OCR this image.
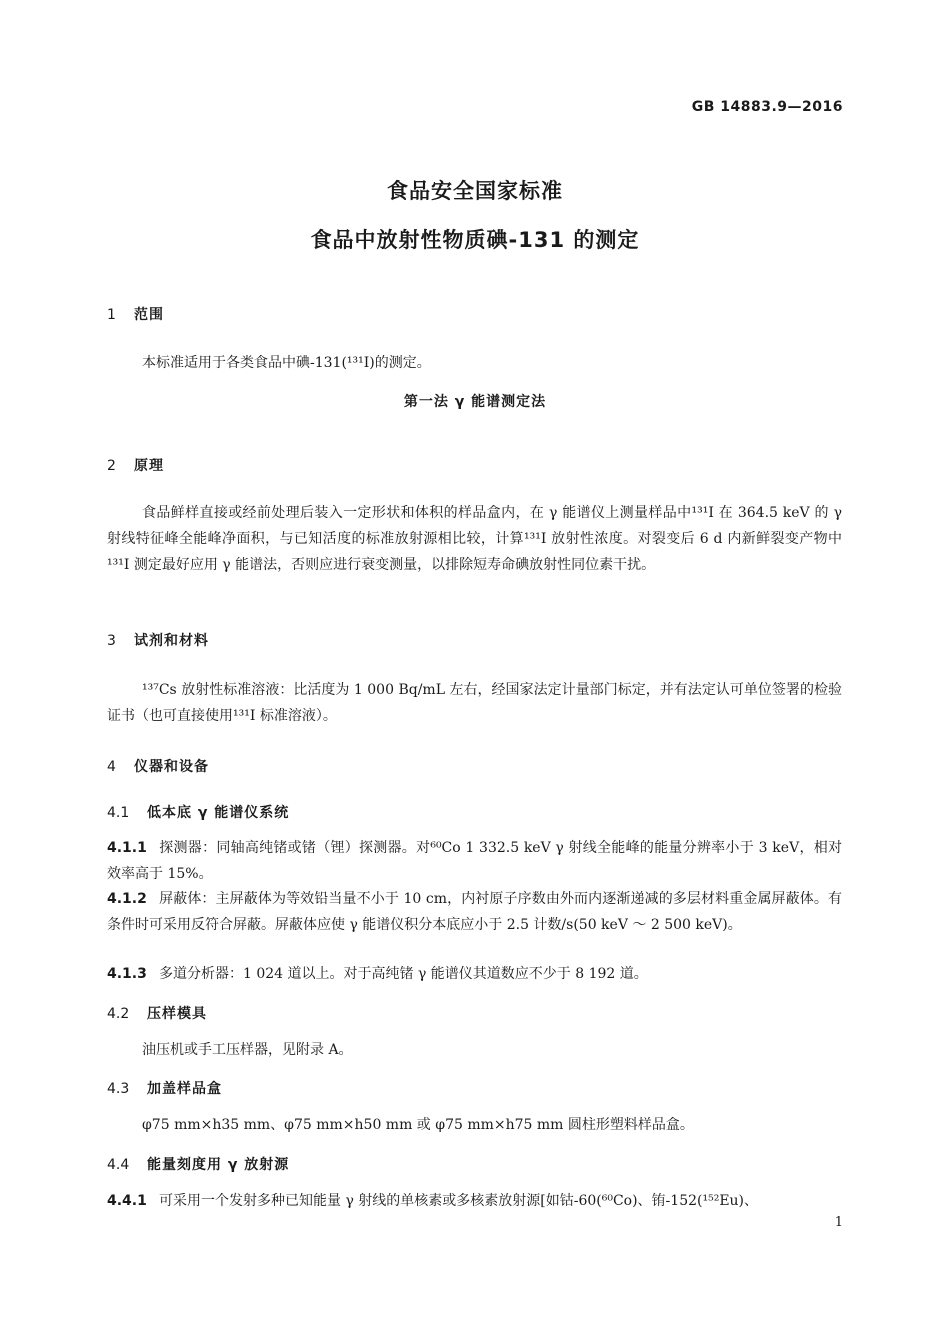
GB 14883.9—2016
食品安全国家标准
食品中放射性物质碘-131 的测定
1 范围
本标准适用于各类食品中碘-131(¹³¹I)的测定。
第一法 γ 能谱测定法
2 原理
食品鲜样直接或经前处理后装入一定形状和体积的样品盒内，在 γ 能谱仪上测量样品中¹³¹I 在 364.5 keV 的 γ 射线特征峰全能峰净面积，与已知活度的标准放射源相比较，计算¹³¹I 放射性浓度。对裂变后 6 d 内新鲜裂变产物中¹³¹I 测定最好应用 γ 能谱法，否则应进行衰变测量，以排除短寿命碘放射性同位素干扰。
3 试剂和材料
¹³⁷Cs 放射性标准溶液：比活度为 1 000 Bq/mL 左右，经国家法定计量部门标定，并有法定认可单位签署的检验证书（也可直接使用¹³¹I 标准溶液）。
4 仪器和设备
4.1 低本底 γ 能谱仪系统
4.1.1 探测器：同轴高纯锗或锗（锂）探测器。对⁶⁰Co 1 332.5 keV γ 射线全能峰的能量分辨率小于 3 keV，相对效率高于 15%。
4.1.2 屏蔽体：主屏蔽体为等效铅当量不小于 10 cm，内衬原子序数由外而内逐渐递减的多层材料重金属屏蔽体。有条件时可采用反符合屏蔽。屏蔽体应使 γ 能谱仪积分本底应小于 2.5 计数/s(50 keV ～ 2 500 keV)。
4.1.3 多道分析器：1 024 道以上。对于高纯锗 γ 能谱仪其道数应不少于 8 192 道。
4.2 压样模具
油压机或手工压样器，见附录 A。
4.3 加盖样品盒
φ75 mm×h35 mm、φ75 mm×h50 mm 或 φ75 mm×h75 mm 圆柱形塑料样品盒。
4.4 能量刻度用 γ 放射源
4.4.1 可采用一个发射多种已知能量 γ 射线的单核素或多核素放射源[如钴-60(⁶⁰Co)、铕-152(¹⁵²Eu)、
1
